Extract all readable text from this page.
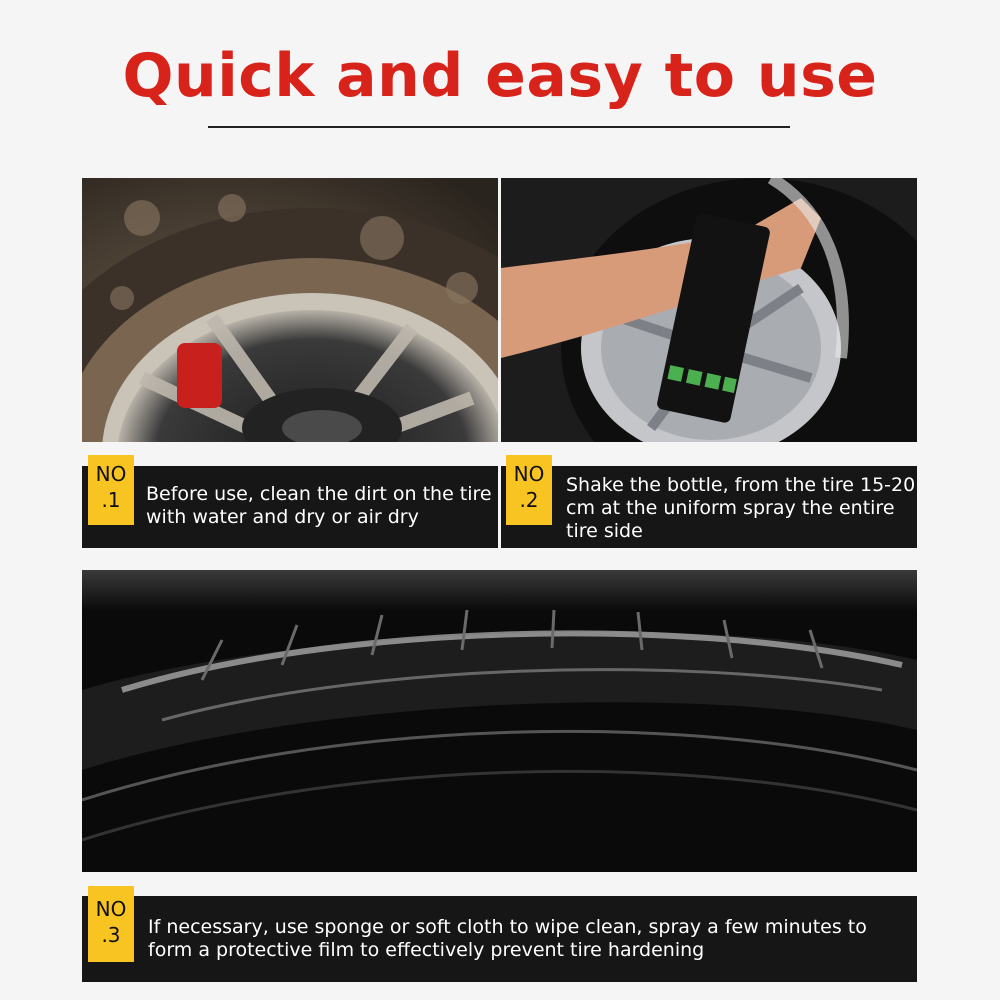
Quick and easy to use
Before use, clean the dirt on the tire with water and dry or air dry
NO
.1
Shake the bottle, from the tire 15-20 cm at the uniform spray the entire tire side
NO
.2
If necessary, use sponge or soft cloth to wipe clean, spray a few minutes to form a protective film to effectively prevent tire hardening
NO
.3
